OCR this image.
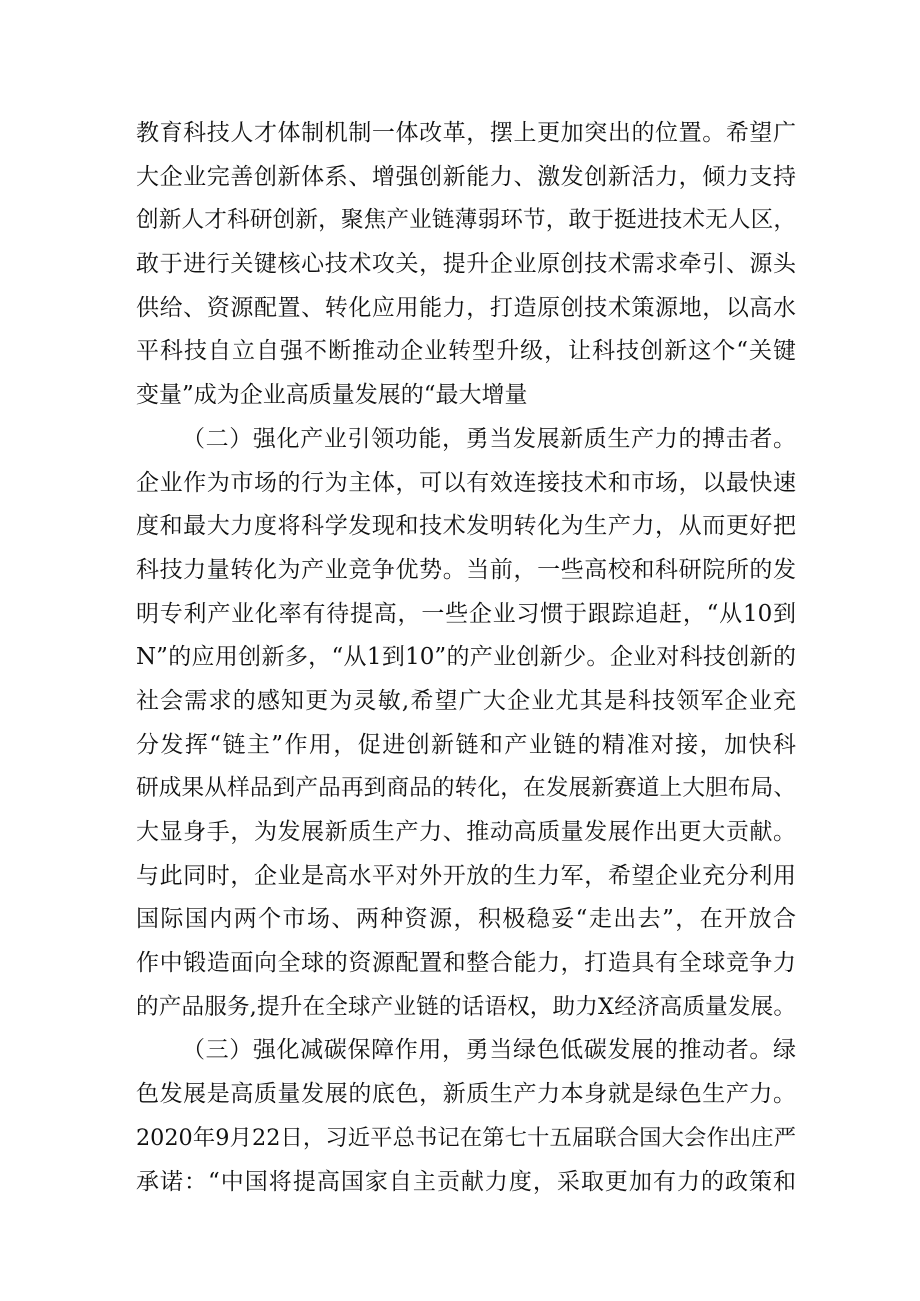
教育科技人才体制机制一体改革，摆上更加突出的位置。希望广
大企业完善创新体系、增强创新能力、激发创新活力，倾力支持
创新人才科研创新，聚焦产业链薄弱环节，敢于挺进技术无人区，
敢于进行关键核心技术攻关，提升企业原创技术需求牵引、源头
供给、资源配置、转化应用能力，打造原创技术策源地，以高水
平科技自立自强不断推动企业转型升级，让科技创新这个“关键
变量”成为企业高质量发展的“最大增量
（二）强化产业引领功能，勇当发展新质生产力的搏击者。
企业作为市场的行为主体，可以有效连接技术和市场，以最快速
度和最大力度将科学发现和技术发明转化为生产力，从而更好把
科技力量转化为产业竞争优势。当前，一些高校和科研院所的发
明专利产业化率有待提高，一些企业习惯于跟踪追赶，“从10到
N”的应用创新多，“从1到10”的产业创新少。企业对科技创新的
社会需求的感知更为灵敏,希望广大企业尤其是科技领军企业充
分发挥“链主”作用，促进创新链和产业链的精准对接，加快科
研成果从样品到产品再到商品的转化，在发展新赛道上大胆布局、
大显身手，为发展新质生产力、推动高质量发展作出更大贡献。
与此同时，企业是高水平对外开放的生力军，希望企业充分利用
国际国内两个市场、两种资源，积极稳妥“走出去”，在开放合
作中锻造面向全球的资源配置和整合能力，打造具有全球竞争力
的产品服务,提升在全球产业链的话语权，助力X经济高质量发展。
（三）强化减碳保障作用，勇当绿色低碳发展的推动者。绿
色发展是高质量发展的底色，新质生产力本身就是绿色生产力。
2020年9月22日，习近平总书记在第七十五届联合国大会作出庄严
承诺：“中国将提高国家自主贡献力度，采取更加有力的政策和
